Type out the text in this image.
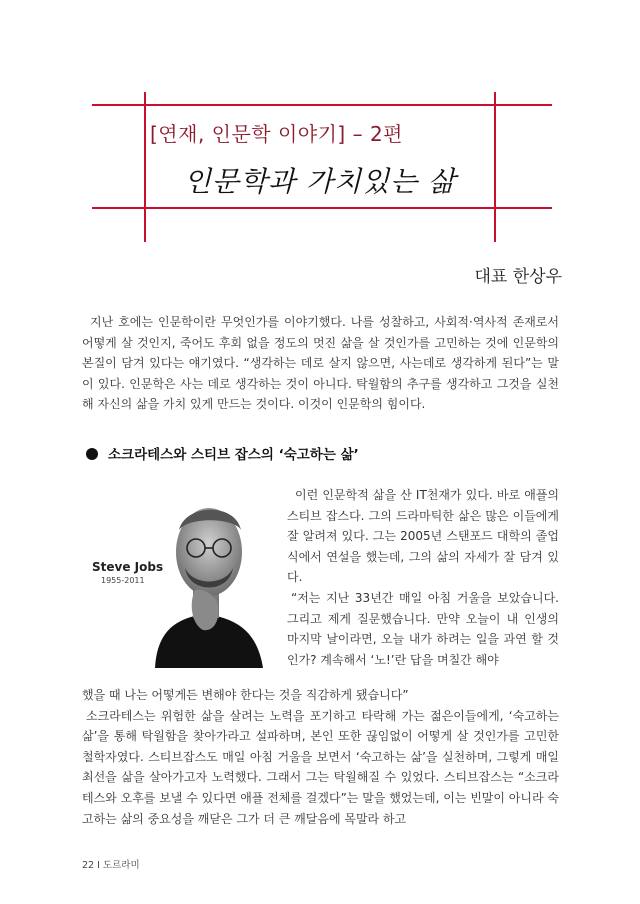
[연재, 인문학 이야기] – 2편
인문학과 가치있는 삶
대표 한상우

지난 호에는 인문학이란 무엇인가를 이야기했다. 나를 성찰하고, 사회적·역사적 존재로서 어떻게 살 것인지, 죽어도 후회 없을 정도의 멋진 삶을 살 것인가를 고민하는 것에 인문학의 본질이 담겨 있다는 얘기였다. “생각하는 데로 살지 않으면, 사는데로 생각하게 된다”는 말이 있다. 인문학은 사는 데로 생각하는 것이 아니다. 탁월함의 추구를 생각하고 그것을 실천해 자신의 삶을 가치 있게 만드는 것이다. 이것이 인문학의 힘이다.

소크라테스와 스티브 잡스의 ‘숙고하는 삶’
Steve Jobs
1955-2011

이런 인문학적 삶을 산 IT천재가 있다. 바로 애플의 스티브 잡스다. 그의 드라마틱한 삶은 많은 이들에게 잘 알려져 있다. 그는 2005년 스탠포드 대학의 졸업식에서 연설을 했는데, 그의 삶의 자세가 잘 담겨 있다.

“저는 지난 33년간 매일 아침 거울을 보았습니다. 그리고 제게 질문했습니다. 만약 오늘이 내 인생의 마지막 날이라면, 오늘 내가 하려는 일을 과연 할 것인가? 계속해서 ‘노!’란 답을 며칠간 해야

했을 때 나는 어떻게든 변해야 한다는 것을 직감하게 됐습니다”

소크라테스는 위험한 삶을 살려는 노력을 포기하고 타락해 가는 젊은이들에게, ‘숙고하는 삶’을 통해 탁월함을 찾아가라고 설파하며, 본인 또한 끊임없이 어떻게 살 것인가를 고민한 철학자였다. 스티브잡스도 매일 아침 거울을 보면서 ‘숙고하는 삶’을 실천하며, 그렇게 매일 최선을 삶을 살아가고자 노력했다. 그래서 그는 탁월해질 수 있었다. 스티브잡스는 “소크라테스와 오후를 보낼 수 있다면 애플 전체를 걸겠다”는 말을 했었는데, 이는 빈말이 아니라 숙고하는 삶의 중요성을 깨닫은 그가 더 큰 깨달음에 목말라 하고

22 I 도르라미
